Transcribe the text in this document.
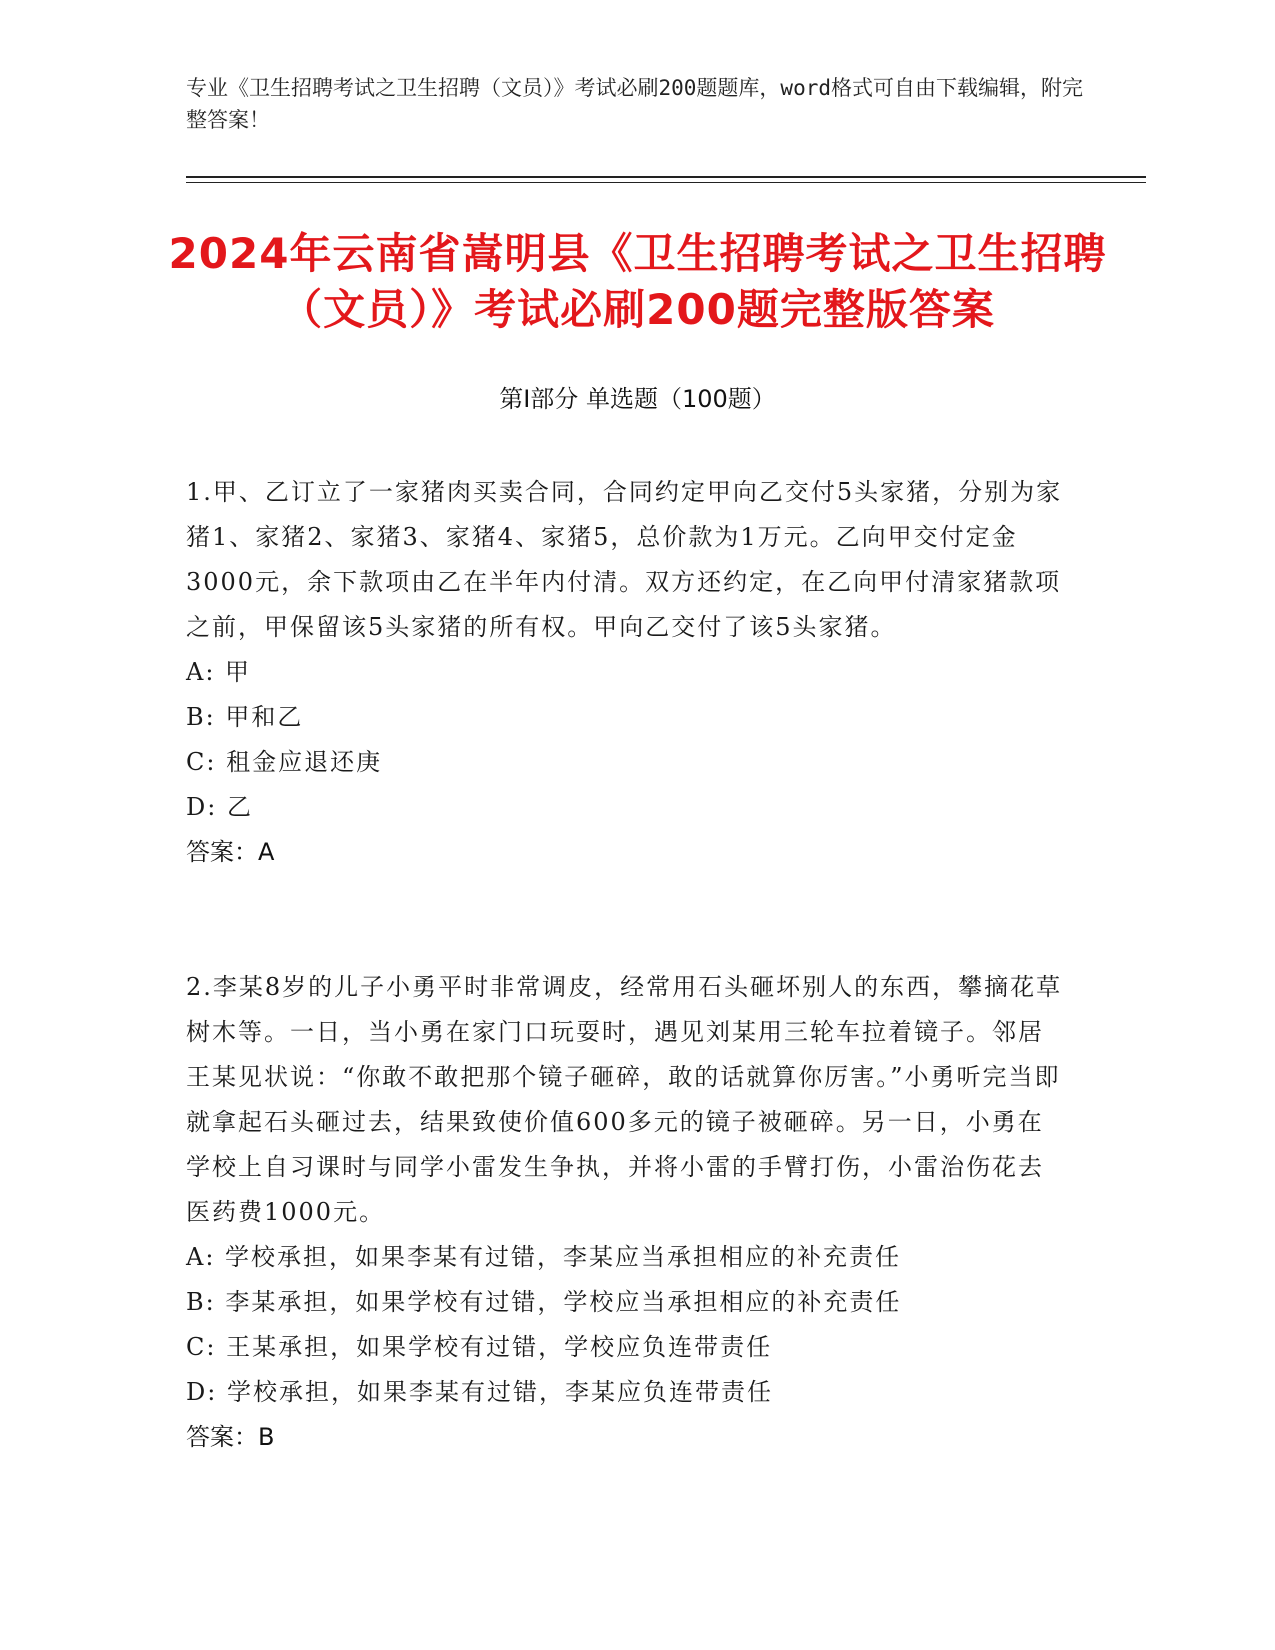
专业《卫生招聘考试之卫生招聘（文员）》考试必刷200题题库，word格式可自由下载编辑，附完整答案！
2024年云南省嵩明县《卫生招聘考试之卫生招聘（文员）》考试必刷200题完整版答案
第Ⅰ部分 单选题（100题）

1.甲、乙订立了一家猪肉买卖合同，合同约定甲向乙交付5头家猪，分别为家猪1、家猪2、家猪3、家猪4、家猪5，总价款为1万元。乙向甲交付定金3000元，余下款项由乙在半年内付清。双方还约定，在乙向甲付清家猪款项之前，甲保留该5头家猪的所有权。甲向乙交付了该5头家猪。

A: 甲

B: 甲和乙

C: 租金应退还庚

D: 乙

答案：A

2.李某8岁的儿子小勇平时非常调皮，经常用石头砸坏别人的东西，攀摘花草树木等。一日，当小勇在家门口玩耍时，遇见刘某用三轮车拉着镜子。邻居王某见状说：“你敢不敢把那个镜子砸碎，敢的话就算你厉害。”小勇听完当即就拿起石头砸过去，结果致使价值600多元的镜子被砸碎。另一日，小勇在学校上自习课时与同学小雷发生争执，并将小雷的手臂打伤，小雷治伤花去医药费1000元。

A: 学校承担，如果李某有过错，李某应当承担相应的补充责任

B: 李某承担，如果学校有过错，学校应当承担相应的补充责任

C: 王某承担，如果学校有过错，学校应负连带责任

D: 学校承担，如果李某有过错，李某应负连带责任

答案：B
